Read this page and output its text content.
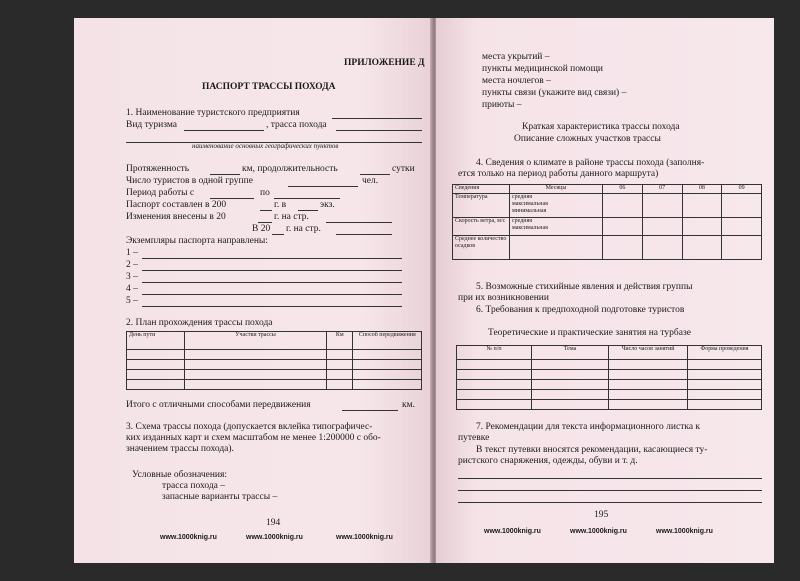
ПРИЛОЖЕНИЕ Д
ПАСПОРТ ТРАССЫ ПОХОДА
1. Наименование туристского предприятия
Вид туризма	, трасса похода
наименование основных географических пунктов
Протяженность	км, продолжительность	сутки
Число туристов в одной группе	чел.
Период работы с	по
Паспорт составлен в 200	г. в	экз.
Изменения внесены в 20	г. на стр.
В 20 г. на стр.
Экземпляры паспорта направлены:
1 –
2 –
3 –
4 –
5 –
2. План прохождения трассы похода
День пути	Участки трассы	Км	Способ передвижения

Итого с отличными способами передвижения	км.
3. Схема трассы похода (допускается вклейка типографичес-
ких изданных карт и схем масштабом не менее 1:200000 с обо-
значением трассы похода).
Условные обозначения:
трасса похода –
запасные варианты трассы –
194
www.1000knig.ru	www.1000knig.ru	www.1000knig.ru
места укрытий –
пункты медицинской помощи
места ночлегов –
пункты связи (укажите вид связи) –
приюты –
Краткая характеристика трассы похода
Описание сложных участков трассы
4. Сведения о климате в районе трассы похода (заполня-
ется только на период работы данного маршрута)
Сведения	Месяцы	06	07	08	09
Температура	средняя
максимальная
минимальная				

Скорость ветра, м/с	средняя
максимальная				

Среднее количество осадков					
5. Возможные стихийные явления и действия группы
при их возникновении
6. Требования к предпоходной подготовке туристов
Теоретические и практические занятия на турбазе
№ п/п	Тема	Число часов занятий	Форма проведения

7. Рекомендации для текста информационного листка к
путевке
В текст путевки вносятся рекомендации, касающиеся ту-
ристского снаряжения, одежды, обуви и т. д.
195
www.1000knig.ru	www.1000knig.ru	www.1000knig.ru
